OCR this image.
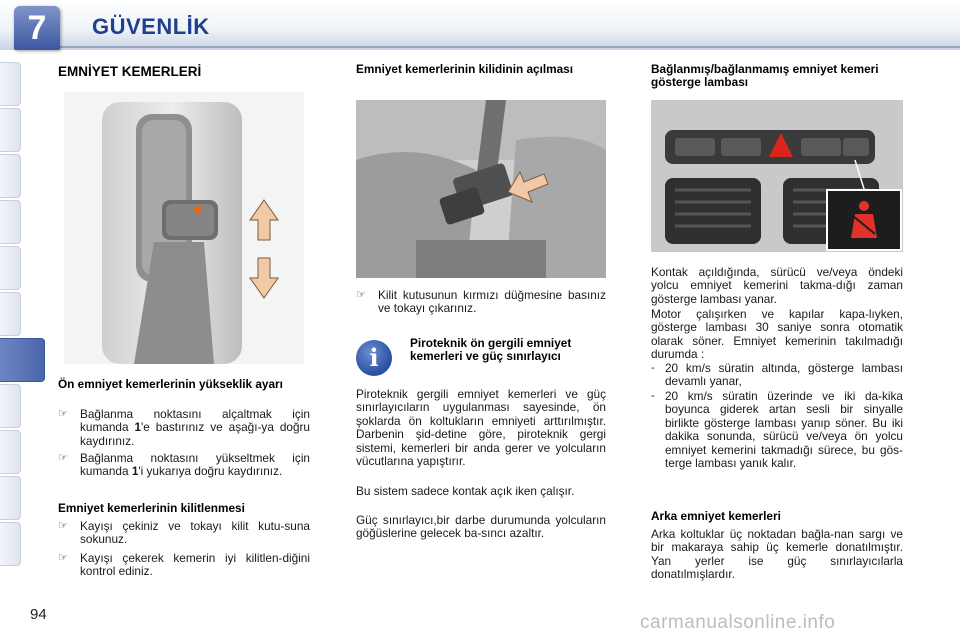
7	GÜVENLİK
EMNİYET KEMERLERİ
Ön emniyet kemerlerinin yükseklik ayarı
☞	Bağlanma noktasını alçaltmak için kumanda 1'e bastırınız ve aşağı-ya doğru kaydırınız.
☞	Bağlanma noktasını yükseltmek için kumanda 1'i yukarıya doğru kaydırınız.
Emniyet kemerlerinin kilitlenmesi
☞	Kayışı çekiniz ve tokayı kilit kutu-suna sokunuz.
☞	Kayışı çekerek kemerin iyi kilitlen-diğini kontrol ediniz.
Emniyet kemerlerinin kilidinin açılması
☞	Kilit kutusunun kırmızı düğmesine basınız ve tokayı çıkarınız.
i	Piroteknik ön gergili emniyet kemerleri ve güç sınırlayıcı
Piroteknik gergili emniyet kemerleri ve güç sınırlayıcıların uygulanması sayesinde, ön şoklarda ön koltukların emniyeti arttırılmıştır. Darbenin şid-detine göre, piroteknik gergi sistemi, kemerleri bir anda gerer ve yolcuların vücutlarına yapıştırır.
Bu sistem sadece kontak açık iken çalışır.
Güç sınırlayıcı,bir darbe durumunda yolcuların göğüslerine gelecek ba-sıncı azaltır.
Bağlanmış/bağlanmamış emniyet kemeri gösterge lambası
Kontak açıldığında, sürücü ve/veya öndeki yolcu emniyet kemerini takma-dığı zaman gösterge lambası yanar.
Motor çalışırken ve kapılar kapa-lıyken, gösterge lambası 30 saniye sonra otomatik olarak söner. Emniyet kemerinin takılmadığı durumda :
- 20 km/s süratin altında, gösterge lambası devamlı yanar,
- 20 km/s süratin üzerinde ve iki da-kika boyunca giderek artan sesli bir sinyalle birlikte gösterge lambası yanıp söner. Bu iki dakika sonunda, sürücü ve/veya ön yolcu emniyet kemerini takmadığı sürece, bu gös-terge lambası yanık kalır.
Arka emniyet kemerleri
Arka koltuklar üç noktadan bağla-nan sargı ve bir makaraya sahip üç kemerle donatılmıştır. Yan yerler ise güç sınırlayıcılarla donatılmışlardır.
94	carmanualsonline.info
